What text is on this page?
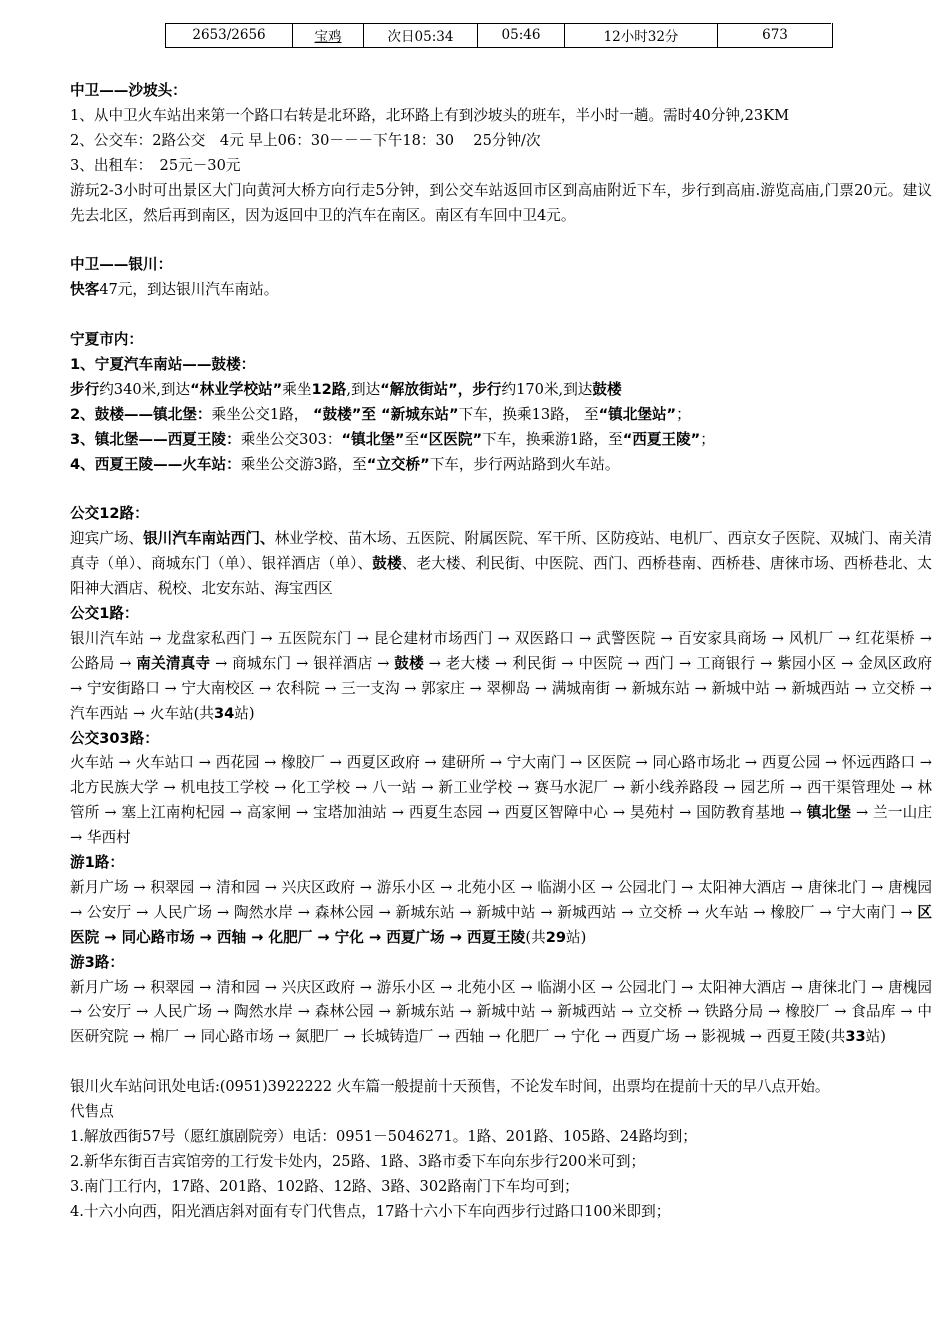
2653/2656	宝鸡	次日05:34	05:46	12小时32分	673
中卫——沙坡头：
1、从中卫火车站出来第一个路口右转是北环路，北环路上有到沙坡头的班车，半小时一趟。需时40分钟,23KM
2、公交车：2路公交　4元 早上06：30－－－下午18：30　 25分钟/次
3、出租车：　25元－30元
游玩2-3小时可出景区大门向黄河大桥方向行走5分钟，到公交车站返回市区到高庙附近下车，步行到高庙.游览高庙,门票20元。建议先去北区，然后再到南区，因为返回中卫的汽车在南区。南区有车回中卫4元。
中卫——银川：
快客47元，到达银川汽车南站。
宁夏市内：
1、宁夏汽车南站——鼓楼：
步行约340米,到达“林业学校站”乘坐12路,到达“解放街站”，步行约170米,到达鼓楼
2、鼓楼——镇北堡：乘坐公交1路， “鼓楼”至 “新城东站”下车，换乘13路， 至“镇北堡站”；
3、镇北堡——西夏王陵：乘坐公交303：“镇北堡”至“区医院”下车，换乘游1路，至“西夏王陵”；
4、西夏王陵——火车站：乘坐公交游3路，至“立交桥”下车，步行两站路到火车站。
公交12路：
迎宾广场、银川汽车南站西门、林业学校、苗木场、五医院、附属医院、军干所、区防疫站、电机厂、西京女子医院、双城门、南关清真寺（单）、商城东门（单）、银祥酒店（单）、鼓楼、老大楼、利民街、中医院、西门、西桥巷南、西桥巷、唐徕市场、西桥巷北、太阳神大酒店、税校、北安东站、海宝西区
公交1路：
银川汽车站 → 龙盘家私西门 → 五医院东门 → 昆仑建材市场西门 → 双医路口 → 武警医院 → 百安家具商场 → 风机厂 → 红花渠桥 → 公路局 → 南关清真寺 → 商城东门 → 银祥酒店 → 鼓楼 → 老大楼 → 利民街 → 中医院 → 西门 → 工商银行 → 紫园小区 → 金凤区政府 → 宁安街路口 → 宁大南校区 → 农科院 → 三一支沟 → 郭家庄 → 翠柳岛 → 满城南街 → 新城东站 → 新城中站 → 新城西站 → 立交桥 → 汽车西站 → 火车站(共34站)
公交303路：
火车站 → 火车站口 → 西花园 → 橡胶厂 → 西夏区政府 → 建研所 → 宁大南门 → 区医院 → 同心路市场北 → 西夏公园 → 怀远西路口 → 北方民族大学 → 机电技工学校 → 化工学校 → 八一站 → 新工业学校 → 赛马水泥厂 → 新小线养路段 → 园艺所 → 西干渠管理处 → 林管所 → 塞上江南枸杞园 → 高家闸 → 宝塔加油站 → 西夏生态园 → 西夏区智障中心 → 昊苑村 → 国防教育基地 → 镇北堡 → 兰一山庄 → 华西村
游1路：
新月广场 → 积翠园 → 清和园 → 兴庆区政府 → 游乐小区 → 北苑小区 → 临湖小区 → 公园北门 → 太阳神大酒店 → 唐徕北门 → 唐槐园 → 公安厅 → 人民广场 → 陶然水岸 → 森林公园 → 新城东站 → 新城中站 → 新城西站 → 立交桥 → 火车站 → 橡胶厂 → 宁大南门 → 区医院 → 同心路市场 → 西轴 → 化肥厂 → 宁化 → 西夏广场 → 西夏王陵(共29站)
游3路：
新月广场 → 积翠园 → 清和园 → 兴庆区政府 → 游乐小区 → 北苑小区 → 临湖小区 → 公园北门 → 太阳神大酒店 → 唐徕北门 → 唐槐园 → 公安厅 → 人民广场 → 陶然水岸 → 森林公园 → 新城东站 → 新城中站 → 新城西站 → 立交桥 → 铁路分局 → 橡胶厂 → 食品库 → 中医研究院 → 棉厂 → 同心路市场 → 氮肥厂 → 长城铸造厂 → 西轴 → 化肥厂 → 宁化 → 西夏广场 → 影视城 → 西夏王陵(共33站)
银川火车站问讯处电话:(0951)3922222 火车篇一般提前十天预售，不论发车时间，出票均在提前十天的早八点开始。
代售点
1.解放西街57号（愿红旗剧院旁）电话：0951－5046271。1路、201路、105路、24路均到；
2.新华东街百吉宾馆旁的工行发卡处内，25路、1路、3路市委下车向东步行200米可到；
3.南门工行内，17路、201路、102路、12路、3路、302路南门下车均可到；
4.十六小向西，阳光酒店斜对面有专门代售点，17路十六小下车向西步行过路口100米即到；
